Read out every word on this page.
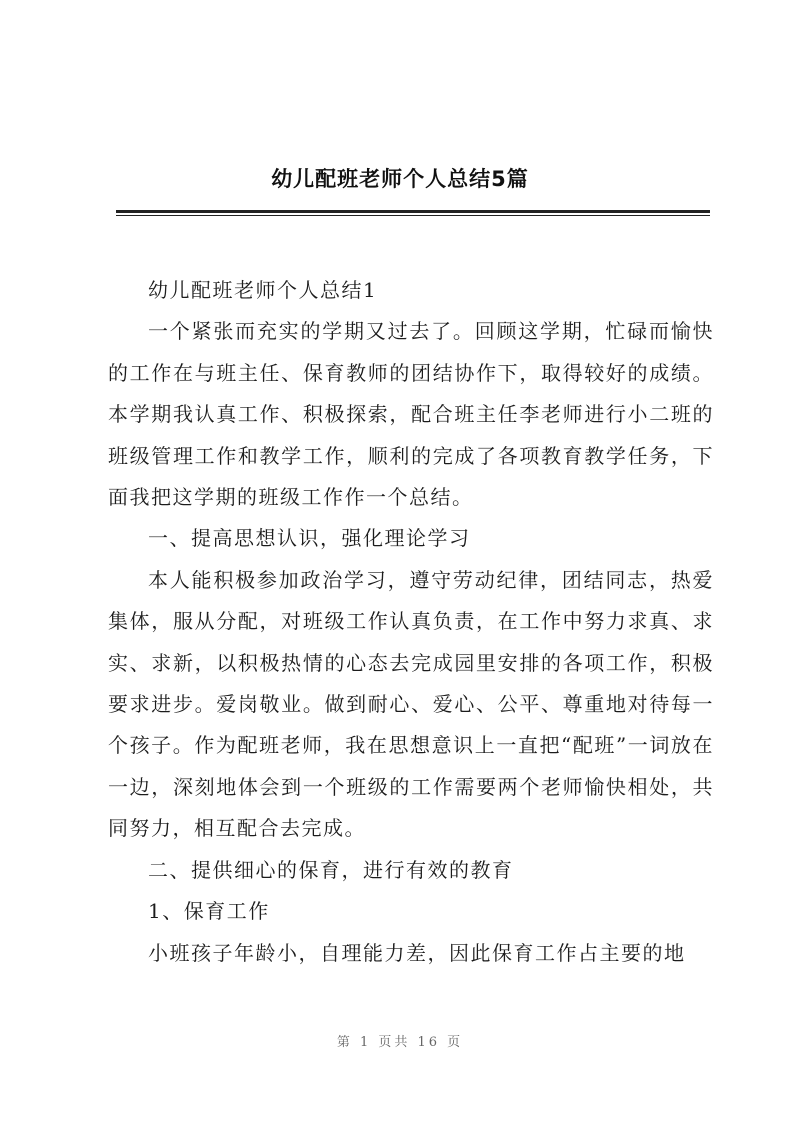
幼儿配班老师个人总结5篇

幼儿配班老师个人总结1

一个紧张而充实的学期又过去了。回顾这学期，忙碌而愉快的工作在与班主任、保育教师的团结协作下，取得较好的成绩。本学期我认真工作、积极探索，配合班主任李老师进行小二班的班级管理工作和教学工作，顺利的完成了各项教育教学任务，下面我把这学期的班级工作作一个总结。

一、提高思想认识，强化理论学习

本人能积极参加政治学习，遵守劳动纪律，团结同志，热爱集体，服从分配，对班级工作认真负责，在工作中努力求真、求实、求新，以积极热情的心态去完成园里安排的各项工作，积极要求进步。爱岗敬业。做到耐心、爱心、公平、尊重地对待每一个孩子。作为配班老师，我在思想意识上一直把“配班”一词放在一边，深刻地体会到一个班级的工作需要两个老师愉快相处，共同努力，相互配合去完成。

二、提供细心的保育，进行有效的教育

1、保育工作

小班孩子年龄小，自理能力差，因此保育工作占主要的地

第 1 页共 16 页
